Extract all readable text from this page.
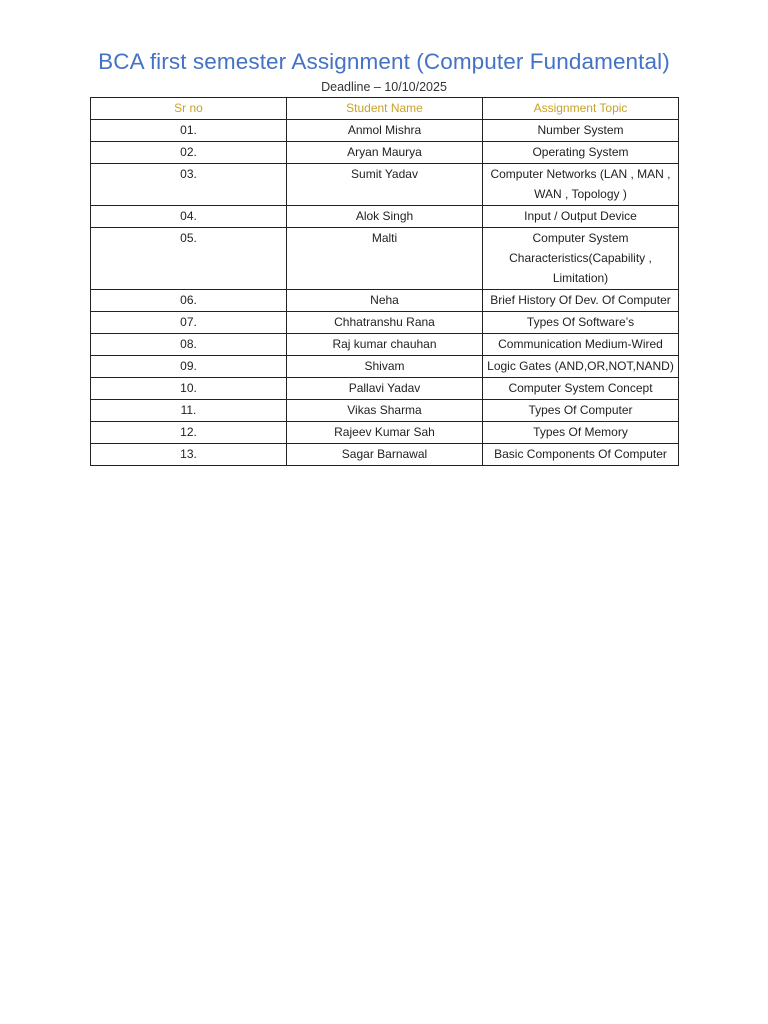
BCA first semester Assignment (Computer Fundamental)
Deadline – 10/10/2025
Sr no	Student Name	Assignment Topic
01.	Anmol Mishra	Number System
02.	Aryan Maurya	Operating System
03.	Sumit Yadav	Computer Networks (LAN , MAN , WAN , Topology )
04.	Alok Singh	Input / Output Device
05.	Malti	Computer System Characteristics(Capability , Limitation)
06.	Neha	Brief History Of Dev. Of Computer
07.	Chhatranshu Rana	Types Of Software’s
08.	Raj kumar chauhan	Communication Medium-Wired
09.	Shivam	Logic Gates (AND,OR,NOT,NAND)
10.	Pallavi Yadav	Computer System Concept
11.	Vikas Sharma	Types Of Computer
12.	Rajeev Kumar Sah	Types Of Memory
13.	Sagar Barnawal	Basic Components Of Computer
